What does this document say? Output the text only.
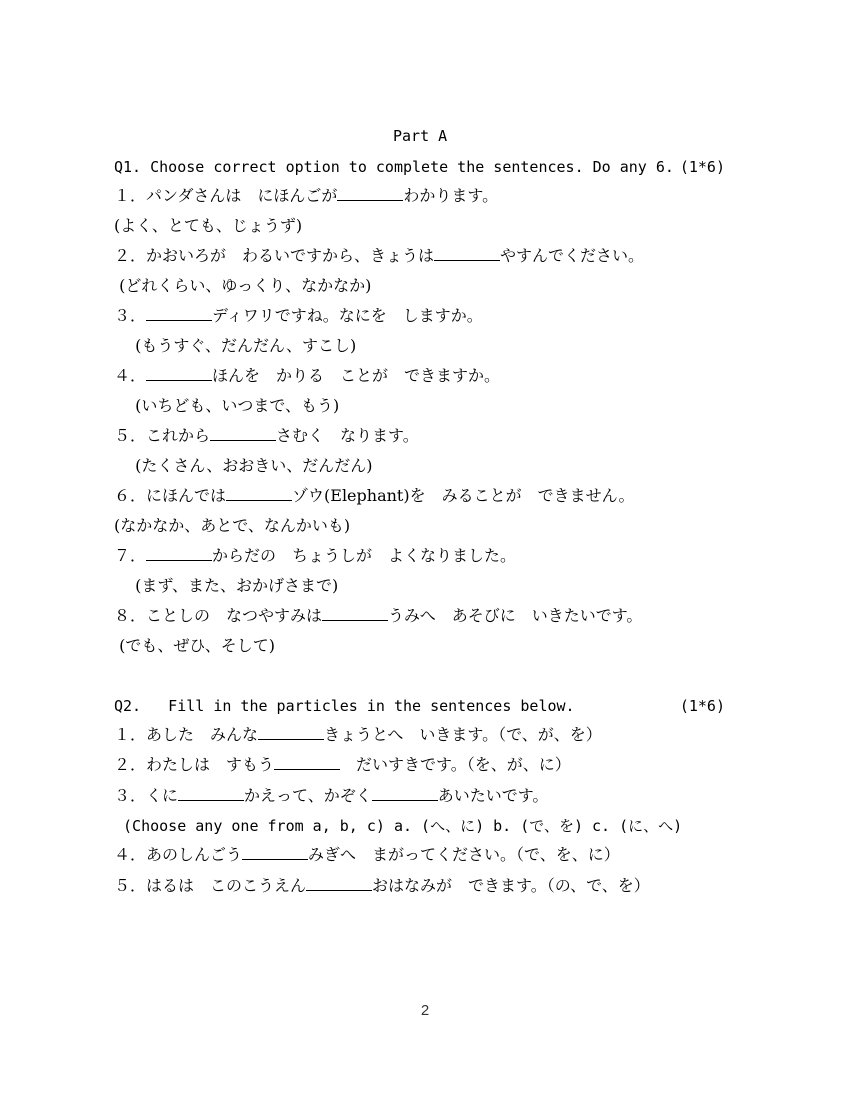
Part A
Q1. Choose correct option to complete the sentences. Do any 6. (1*6)
１．パンダさんは　にほんごが	わかります。
(よく、とても、じょうず)
２．かおいろが　わるいですから、きょうは	やすんでください。
(どれくらい、ゆっくり、なかなか)
３．	ディワリですね。なにを　しますか。
　 (もうすぐ、だんだん、すこし)
４．	ほんを　かりる　ことが　できますか。
　 (いちども、いつまで、もう)
５．これから	さむく　なります。
　 (たくさん、おおきい、だんだん)
６．にほんでは	ゾウ(Elephant)を　みることが　できません。
(なかなか、あとで、なんかいも)
７．	からだの　ちょうしが　よくなりました。
　 (まず、また、おかげさまで)
８．ことしの　なつやすみは	うみへ　あそびに　いきたいです。
(でも、ぜひ、そして)
Q2.   Fill in the particles in the sentences below.	(1*6)
１．あした　みんな	きょうとへ　いきます。（で、が、を）
２．わたしは　すもう	　だいすきです。（を、が、に）
３．くに	かえって、かぞく	あいたいです。
(Choose any one from a, b, c) a. (へ、に) b. (で、を) c. (に、へ)
４．あのしんごう	みぎへ　まがってください。（で、を、に）
５．はるは　このこうえん	おはなみが　できます。（の、で、を）
2
